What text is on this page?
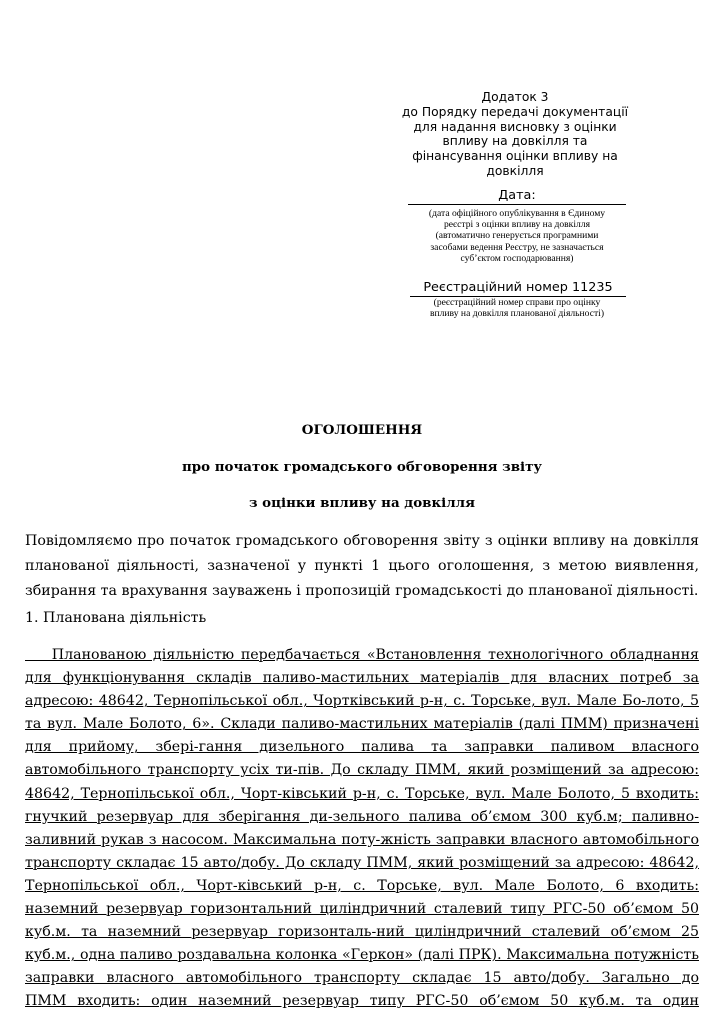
Додаток 3
до Порядку передачі документації
для надання висновку з оцінки
впливу на довкілля та
фінансування оцінки впливу на
довкілля
Дата:
(дата офіційного опублікування в Єдиному
реєстрі з оцінки впливу на довкілля
(автоматично генерується програмними
засобами ведення Реєстру, не зазначається
суб’єктом господарювання)
Реєстраційний номер 11235
(реєстраційний номер справи про оцінку
впливу на довкілля планованої діяльності)
ОГОЛОШЕННЯ
про початок громадського обговорення звіту
з оцінки впливу на довкілля
Повідомляємо про початок громадського обговорення звіту з оцінки впливу на довкілля
планованої діяльності, зазначеної у пункті 1 цього оголошення, з метою виявлення,
збирання та врахування зауважень і пропозицій громадськості до планованої діяльності.
1. Планована діяльність
Планованою діяльністю передбачається «Встановлення технологічного обладнання
для функціонування складів паливо-мастильних матеріалів для власних потреб за
адресою: 48642, Тернопільської обл., Чортківський р-н, с. Торське, вул. Мале Бо-лото, 5
та вул. Мале Болото, 6». Склади паливо-мастильних матеріалів (далі ПММ) призначені
для прийому, збері-гання дизельного палива та заправки паливом власного
автомобільного транспорту усіх ти-пів. До складу ПММ, який розміщений за адресою:
48642, Тернопільської обл., Чорт-ківський р-н, с. Торське, вул. Мале Болото, 5 входить:
гнучкий резервуар для зберігання ди-зельного палива об’ємом 300 куб.м; паливно-
заливний рукав з насосом. Максимальна поту-жність заправки власного автомобільного
транспорту складає 15 авто/добу. До складу ПММ, який розміщений за адресою: 48642,
Тернопільської обл., Чорт-ківський р-н, с. Торське, вул. Мале Болото, 6 входить:
наземний резервуар горизонтальний циліндричний сталевий типу РГС-50 об’ємом 50
куб.м. та наземний резервуар горизонталь-ний циліндричний сталевий об’ємом 25
куб.м., одна паливо роздавальна колонка «Геркон» (далі ПРК). Максимальна потужність
заправки власного автомобільного транспорту складає 15 авто/добу. Загально до
ПММ входить: один наземний резервуар типу РГС-50 об’ємом 50 куб.м. та один
